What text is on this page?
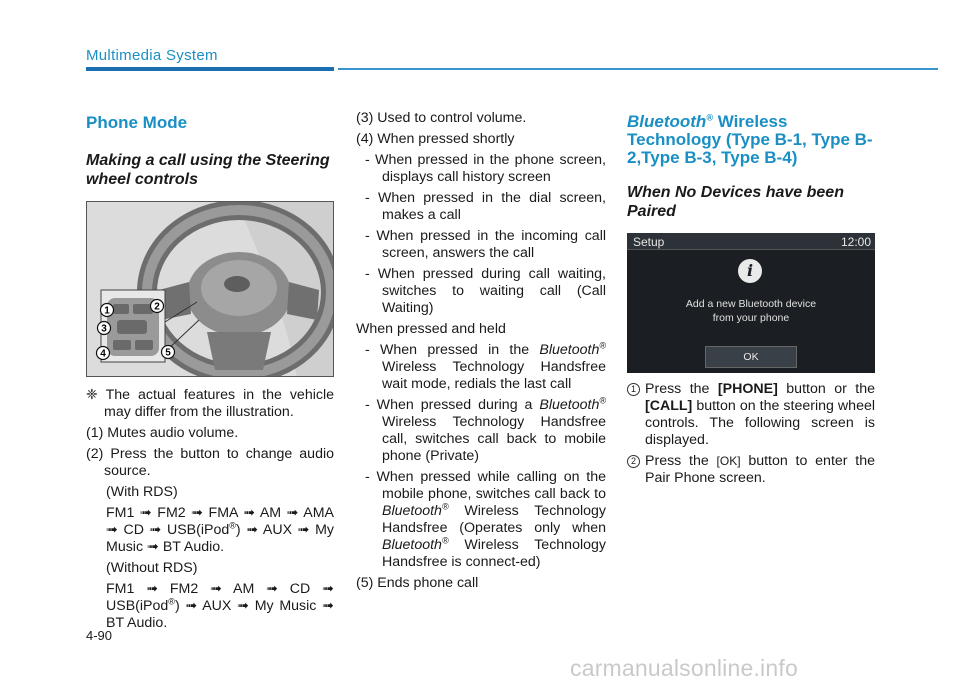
Multimedia System
Phone Mode
Making a call using the Steering wheel controls
1	2
3
4	5

❈ The actual features in the vehicle may differ from the illustration.

(1) Mutes audio volume.

(2) Press the button to change audio source.

(With RDS)

FM1 ➟ FM2 ➟ FMA ➟ AM ➟ AMA ➟ CD ➟ USB(iPod®) ➟ AUX ➟ My Music ➟ BT Audio.

(Without RDS)

FM1 ➟ FM2 ➟ AM ➟ CD ➟ USB(iPod®) ➟ AUX ➟ My Music ➟ BT Audio.

(3) Used to control volume.

(4) When pressed shortly

- When pressed in the phone screen, displays call history screen

- When pressed in the dial screen, makes a call

- When pressed in the incoming call screen, answers the call

- When pressed during call waiting, switches to waiting call (Call Waiting)

When pressed and held

- When pressed in the Bluetooth® Wireless Technology Handsfree wait mode, redials the last call

- When pressed during a Bluetooth® Wireless Technology Handsfree call, switches call back to mobile phone (Private)

- When pressed while calling on the mobile phone, switches call back to Bluetooth® Wireless Technology Handsfree (Operates only when Bluetooth® Wireless Technology Handsfree is connect-ed)

(5) Ends phone call

Bluetooth® Wireless Technology (Type B-1, Type B-2,Type B-3, Type B-4)
When No Devices have been Paired
Setup	12:00
i
Add a new Bluetooth device
from your phone
OK

1 Press the [PHONE] button or the [CALL] button on the steering wheel controls. The following screen is displayed.

2 Press the [OK] button to enter the Pair Phone screen.

4-90
carmanualsonline.info
